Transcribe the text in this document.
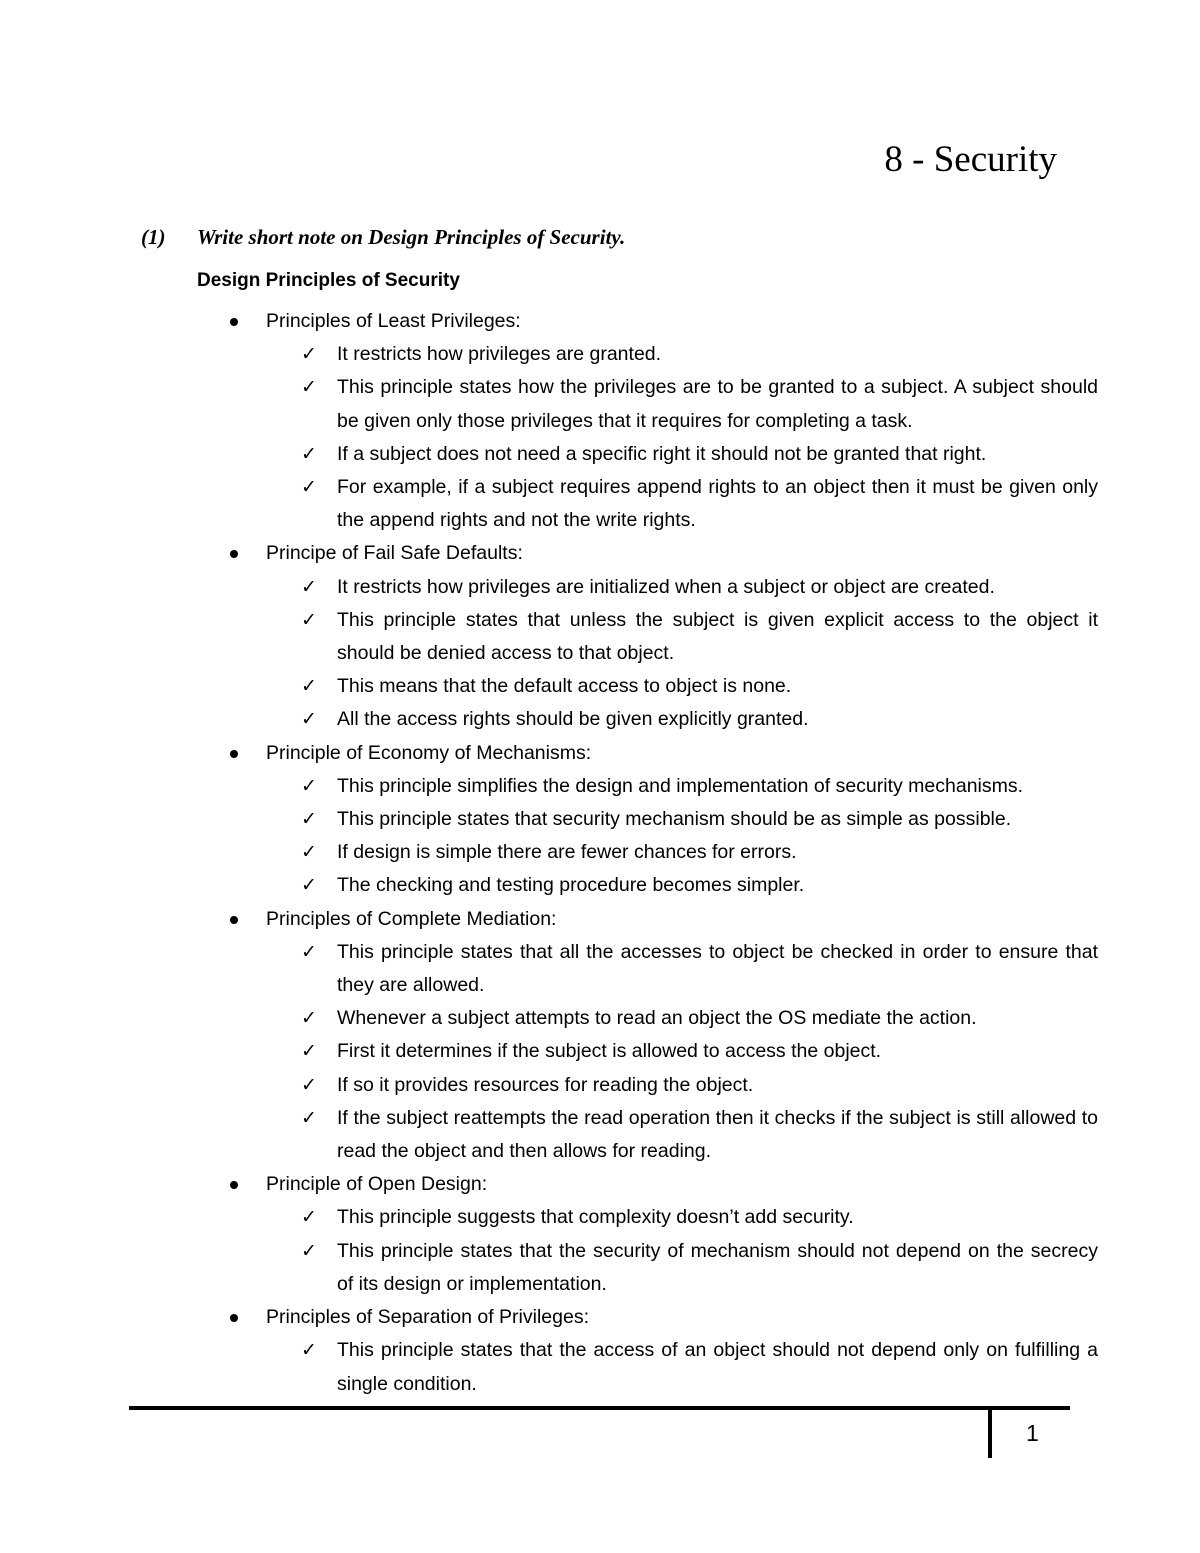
8 - Security
(1) Write short note on Design Principles of Security.
Design Principles of Security
Principles of Least Privileges:
✓ It restricts how privileges are granted.
✓ This principle states how the privileges are to be granted to a subject. A subject should be given only those privileges that it requires for completing a task.
✓ If a subject does not need a specific right it should not be granted that right.
✓ For example, if a subject requires append rights to an object then it must be given only the append rights and not the write rights.
Principe of Fail Safe Defaults:
✓ It restricts how privileges are initialized when a subject or object are created.
✓ This principle states that unless the subject is given explicit access to the object it should be denied access to that object.
✓ This means that the default access to object is none.
✓ All the access rights should be given explicitly granted.
Principle of Economy of Mechanisms:
✓ This principle simplifies the design and implementation of security mechanisms.
✓ This principle states that security mechanism should be as simple as possible.
✓ If design is simple there are fewer chances for errors.
✓ The checking and testing procedure becomes simpler.
Principles of Complete Mediation:
✓ This principle states that all the accesses to object be checked in order to ensure that they are allowed.
✓ Whenever a subject attempts to read an object the OS mediate the action.
✓ First it determines if the subject is allowed to access the object.
✓ If so it provides resources for reading the object.
✓ If the subject reattempts the read operation then it checks if the subject is still allowed to read the object and then allows for reading.
Principle of Open Design:
✓ This principle suggests that complexity doesn’t add security.
✓ This principle states that the security of mechanism should not depend on the secrecy of its design or implementation.
Principles of Separation of Privileges:
✓ This principle states that the access of an object should not depend only on fulfilling a single condition.
1
